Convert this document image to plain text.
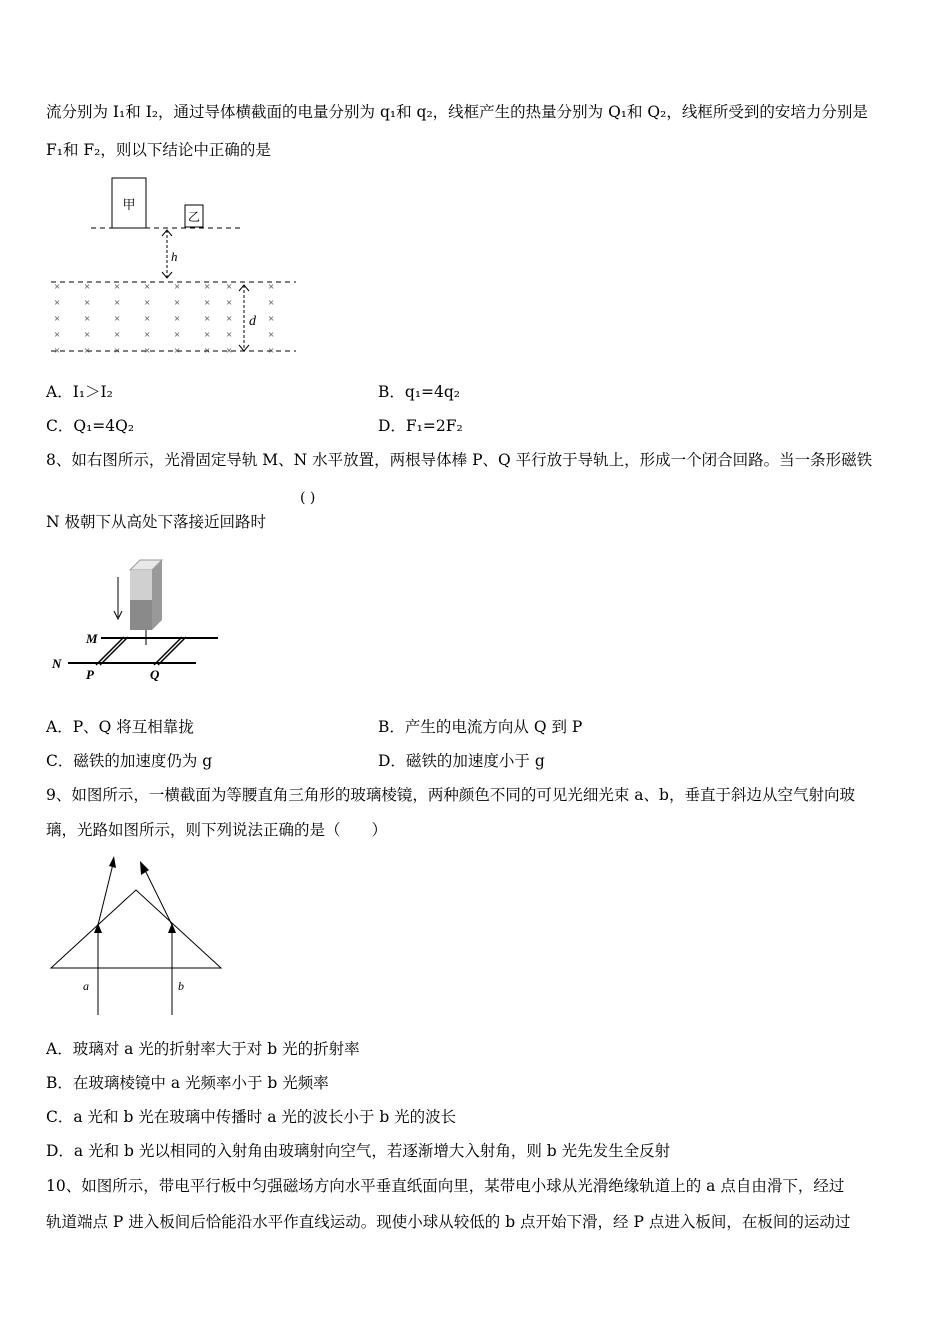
流分别为 I₁和 I₂，通过导体横截面的电量分别为 q₁和 q₂，线框产生的热量分别为 Q₁和 Q₂，线框所受到的安培力分别是
F₁和 F₂，则以下结论中正确的是
甲
乙
h
d
× × × × × × ×	×
× × × × × × ×	×
× × × × × × ×	×
× × × × × × ×	×
× × × × × × ×	×
A．I₁＞I₂	B．q₁=4q₂
C．Q₁=4Q₂	D．F₁=2F₂
8、如右图所示，光滑固定导轨 M、N 水平放置，两根导体棒 P、Q 平行放于导轨上，形成一个闭合回路。当一条形磁铁
N 极朝下从高处下落接近回路时
( )
M
N
P	Q
A．P、Q 将互相靠拢	B．产生的电流方向从 Q 到 P
C．磁铁的加速度仍为 g	D．磁铁的加速度小于 g
9、如图所示，一横截面为等腰直角三角形的玻璃棱镜，两种颜色不同的可见光细光束 a、b，垂直于斜边从空气射向玻
璃，光路如图所示，则下列说法正确的是（　　）
a	b
A．玻璃对 a 光的折射率大于对 b 光的折射率
B．在玻璃棱镜中 a 光频率小于 b 光频率
C．a 光和 b 光在玻璃中传播时 a 光的波长小于 b 光的波长
D．a 光和 b 光以相同的入射角由玻璃射向空气，若逐渐增大入射角，则 b 光先发生全反射
10、如图所示，带电平行板中匀强磁场方向水平垂直纸面向里，某带电小球从光滑绝缘轨道上的 a 点自由滑下，经过
轨道端点 P 进入板间后恰能沿水平作直线运动。现使小球从较低的 b 点开始下滑，经 P 点进入板间，在板间的运动过
